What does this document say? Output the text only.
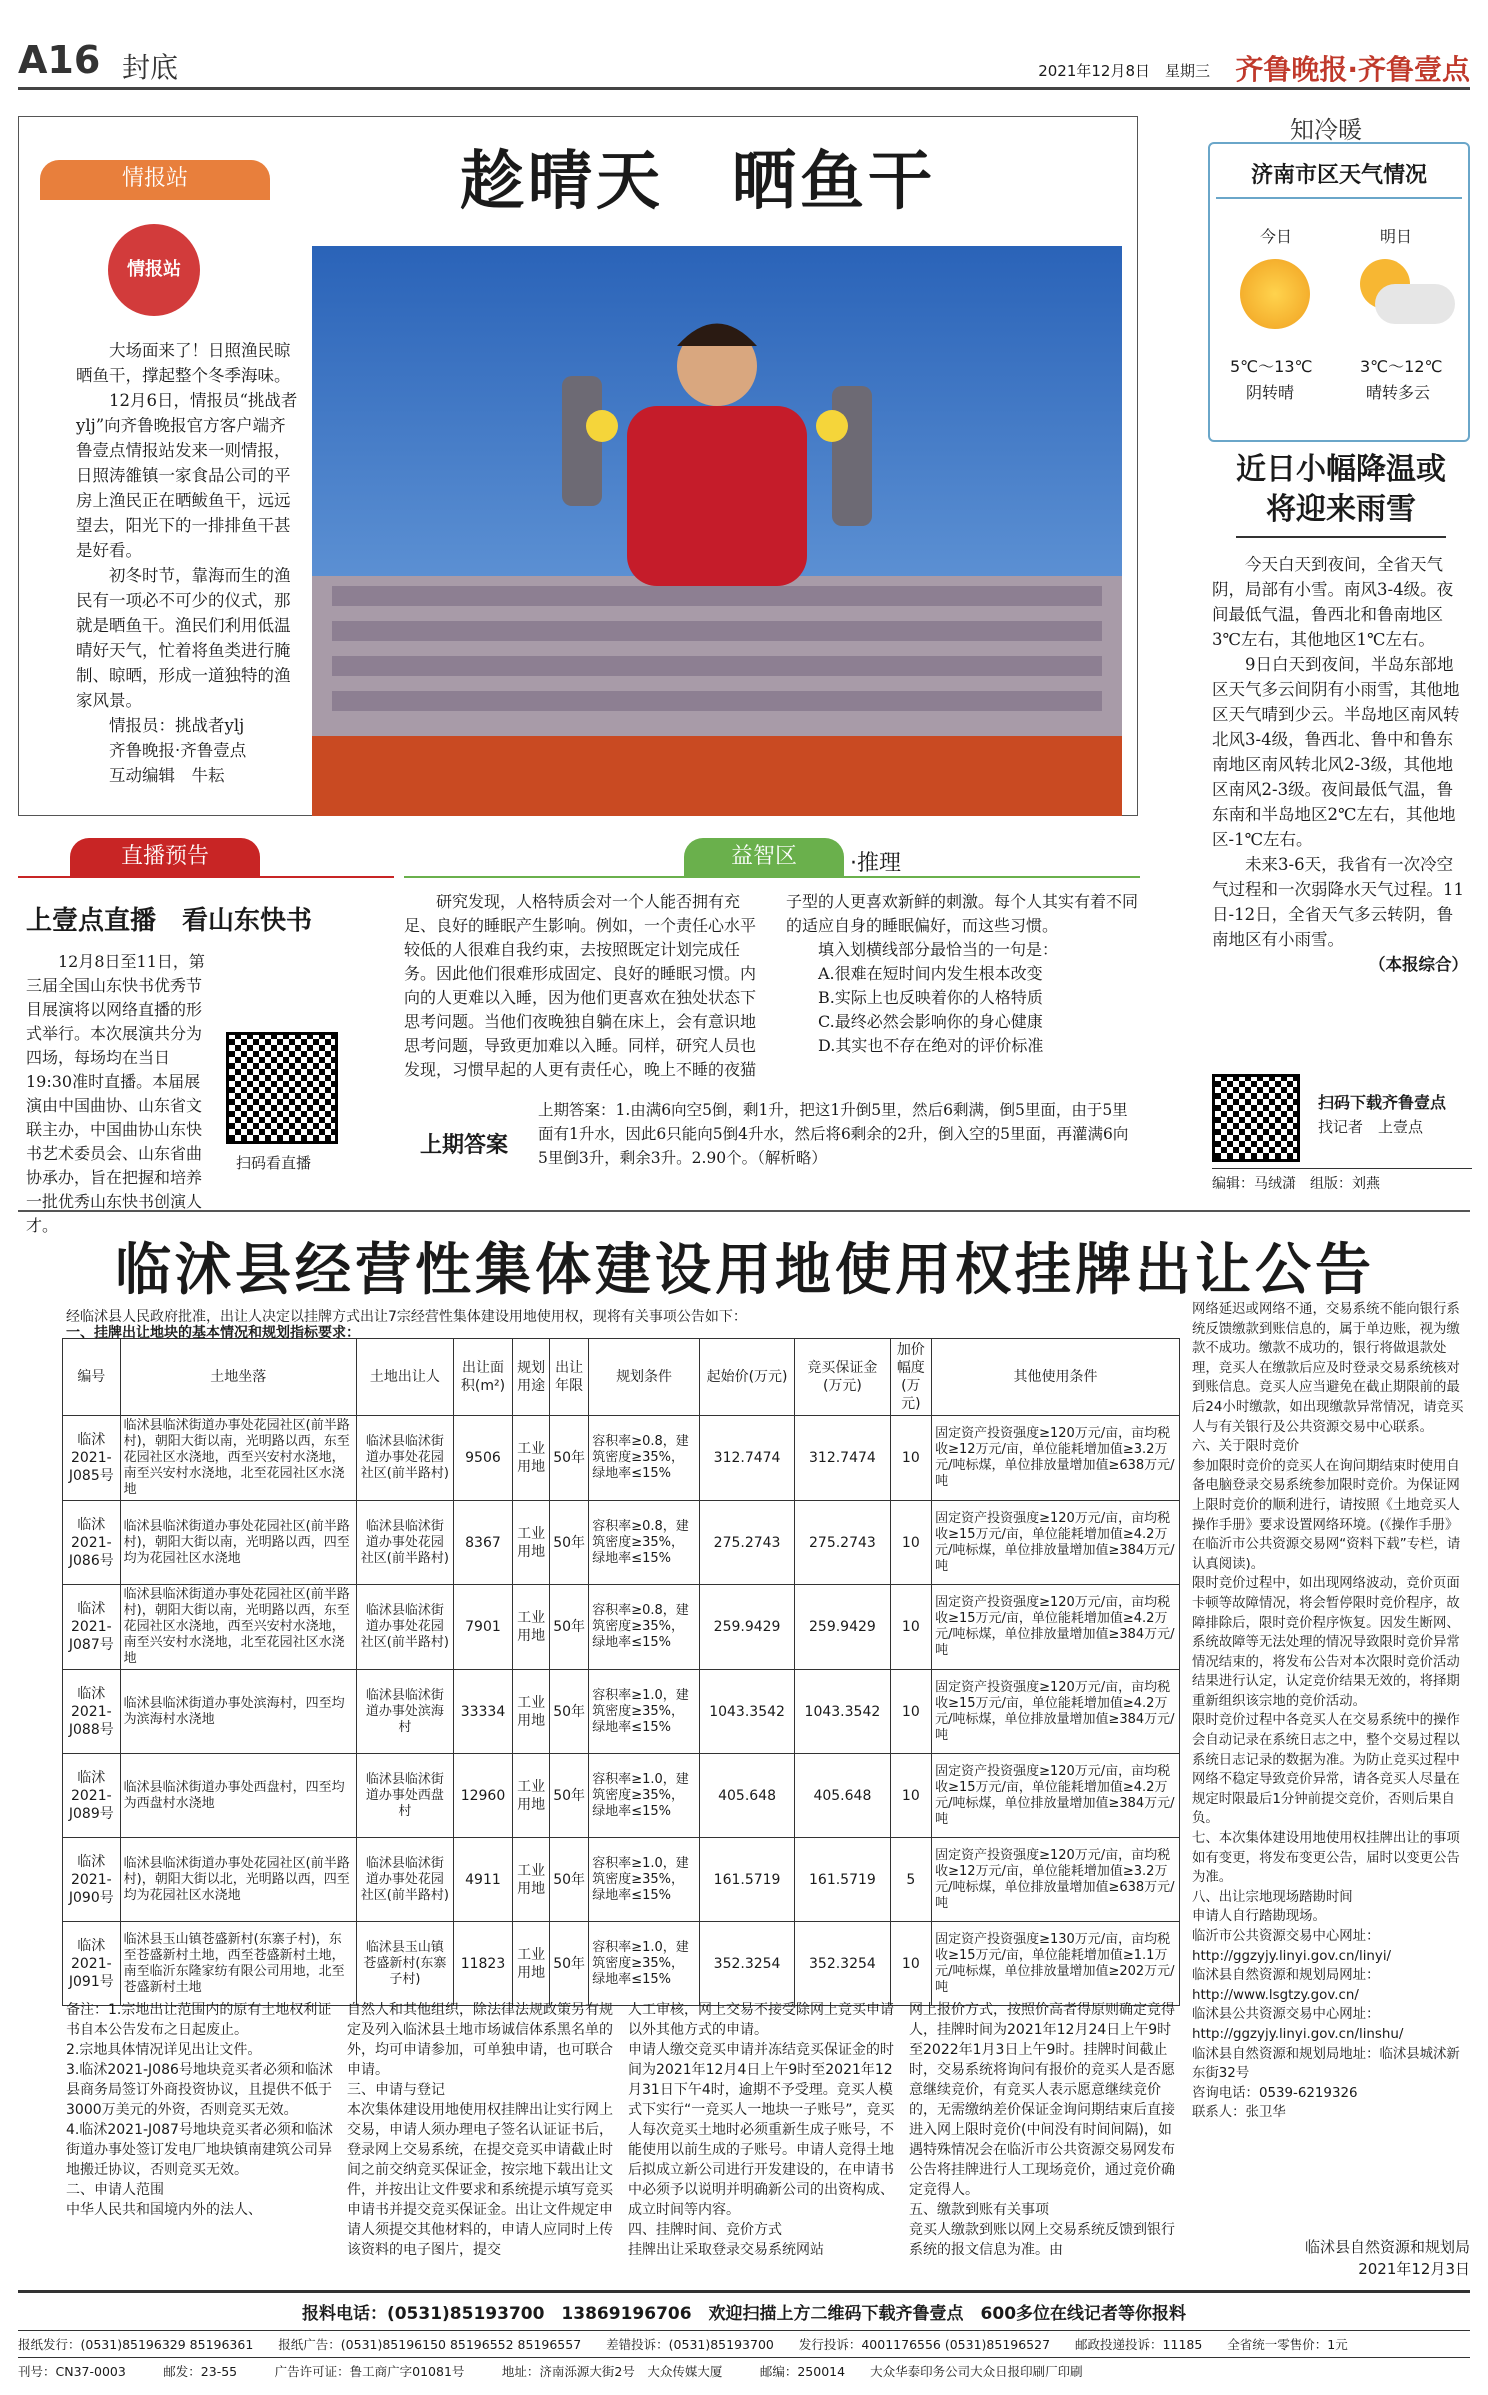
A16 封底	2021年12月8日　星期三 齐鲁晚报·齐鲁壹点
情报站
情报站
趁晴天　晒鱼干

大场面来了！日照渔民晾晒鱼干，撑起整个冬季海味。

12月6日，情报员“挑战者ylj”向齐鲁晚报官方客户端齐鲁壹点情报站发来一则情报，日照涛雒镇一家食品公司的平房上渔民正在晒鲅鱼干，远远望去，阳光下的一排排鱼干甚是好看。

初冬时节，靠海而生的渔民有一项必不可少的仪式，那就是晒鱼干。渔民们利用低温晴好天气，忙着将鱼类进行腌制、晾晒，形成一道独特的渔家风景。

情报员：挑战者ylj

齐鲁晚报·齐鲁壹点

互动编辑　牛耘

直播预告
上壹点直播　看山东快书

12月8日至11日，第三届全国山东快书优秀节目展演将以网络直播的形式举行。本次展演共分为四场，每场均在当日19:30准时直播。本届展演由中国曲协、山东省文联主办，中国曲协山东快书艺术委员会、山东省曲协承办，旨在把握和培养一批优秀山东快书创演人才。

扫码看直播
益智区	·推理

研究发现，人格特质会对一个人能否拥有充足、良好的睡眠产生影响。例如，一个责任心水平较低的人很难自我约束，去按照既定计划完成任务。因此他们很难形成固定、良好的睡眠习惯。内向的人更难以入睡，因为他们更喜欢在独处状态下思考问题。当他们夜晚独自躺在床上，会有意识地思考问题，导致更加难以入睡。同样，研究人员也发现，习惯早起的人更有责任心，晚上不睡的夜猫子型的人更喜欢新鲜的刺激。每个人其实有着不同的适应自身的睡眠偏好，而这些习惯。

填入划横线部分最恰当的一句是：

A.很难在短时间内发生根本改变
B.实际上也反映着你的人格特质
C.最终必然会影响你的身心健康
D.其实也不存在绝对的评价标准
上期答案
上期答案：1.由满6向空5倒，剩1升，把这1升倒5里，然后6剩满，倒5里面，由于5里面有1升水，因此6只能向5倒4升水，然后将6剩余的2升，倒入空的5里面，再灌满6向5里倒3升，剩余3升。2.90个。（解析略）
知冷暖
济南市区天气情况
今日	明日
5℃～13℃
阴转晴
3℃～12℃
晴转多云
近日小幅降温或将迎来雨雪

今天白天到夜间，全省天气阴，局部有小雪。南风3-4级。夜间最低气温，鲁西北和鲁南地区3℃左右，其他地区1℃左右。

9日白天到夜间，半岛东部地区天气多云间阴有小雨雪，其他地区天气晴到少云。半岛地区南风转北风3-4级，鲁西北、鲁中和鲁东南地区南风转北风2-3级，其他地区南风2-3级。夜间最低气温，鲁东南和半岛地区2℃左右，其他地区-1℃左右。

未来3-6天，我省有一次冷空气过程和一次弱降水天气过程。11日-12日，全省天气多云转阴，鲁南地区有小雨雪。

（本报综合）
扫码下载齐鲁壹点
找记者　上壹点
编辑：马绒潇　组版：刘燕
临沭县经营性集体建设用地使用权挂牌出让公告
经临沭县人民政府批准，出让人决定以挂牌方式出让7宗经营性集体建设用地使用权，现将有关事项公告如下：
一、挂牌出让地块的基本情况和规划指标要求：
编号	土地坐落	土地出让人	出让面积(m²)	规划用途	出让年限	规划条件	起始价(万元)	竞买保证金(万元)	加价幅度(万元)	其他使用条件
临沭2021-J085号	临沭县临沭街道办事处花园社区(前半路村)，朝阳大街以南，光明路以西，东至花园社区水浇地，西至兴安村水浇地，南至兴安村水浇地，北至花园社区水浇地	临沭县临沭街道办事处花园社区(前半路村)	9506	工业用地	50年	容积率≥0.8，建筑密度≥35%，绿地率≤15%	312.7474	312.7474	10	固定资产投资强度≥120万元/亩，亩均税收≥12万元/亩，单位能耗增加值≥3.2万元/吨标煤，单位排放量增加值≥638万元/吨
临沭2021-J086号	临沭县临沭街道办事处花园社区(前半路村)，朝阳大街以南，光明路以西，四至均为花园社区水浇地	临沭县临沭街道办事处花园社区(前半路村)	8367	工业用地	50年	容积率≥0.8，建筑密度≥35%，绿地率≤15%	275.2743	275.2743	10	固定资产投资强度≥120万元/亩，亩均税收≥15万元/亩，单位能耗增加值≥4.2万元/吨标煤，单位排放量增加值≥384万元/吨
临沭2021-J087号	临沭县临沭街道办事处花园社区(前半路村)，朝阳大街以南，光明路以西，东至花园社区水浇地，西至兴安村水浇地，南至兴安村水浇地，北至花园社区水浇地	临沭县临沭街道办事处花园社区(前半路村)	7901	工业用地	50年	容积率≥0.8，建筑密度≥35%，绿地率≤15%	259.9429	259.9429	10	固定资产投资强度≥120万元/亩，亩均税收≥15万元/亩，单位能耗增加值≥4.2万元/吨标煤，单位排放量增加值≥384万元/吨
临沭2021-J088号	临沭县临沭街道办事处滨海村，四至均为滨海村水浇地	临沭县临沭街道办事处滨海村	33334	工业用地	50年	容积率≥1.0，建筑密度≥35%，绿地率≤15%	1043.3542	1043.3542	10	固定资产投资强度≥120万元/亩，亩均税收≥15万元/亩，单位能耗增加值≥4.2万元/吨标煤，单位排放量增加值≥384万元/吨
临沭2021-J089号	临沭县临沭街道办事处西盘村，四至均为西盘村水浇地	临沭县临沭街道办事处西盘村	12960	工业用地	50年	容积率≥1.0，建筑密度≥35%，绿地率≤15%	405.648	405.648	10	固定资产投资强度≥120万元/亩，亩均税收≥15万元/亩，单位能耗增加值≥4.2万元/吨标煤，单位排放量增加值≥384万元/吨
临沭2021-J090号	临沭县临沭街道办事处花园社区(前半路村)，朝阳大街以北，光明路以西，四至均为花园社区水浇地	临沭县临沭街道办事处花园社区(前半路村)	4911	工业用地	50年	容积率≥1.0，建筑密度≥35%，绿地率≤15%	161.5719	161.5719	5	固定资产投资强度≥120万元/亩，亩均税收≥12万元/亩，单位能耗增加值≥3.2万元/吨标煤，单位排放量增加值≥638万元/吨
临沭2021-J091号	临沭县玉山镇苍盛新村(东寨子村)，东至苍盛新村土地，西至苍盛新村土地，南至临沂东隆家纺有限公司用地，北至苍盛新村土地	临沭县玉山镇苍盛新村(东寨子村)	11823	工业用地	50年	容积率≥1.0，建筑密度≥35%，绿地率≤15%	352.3254	352.3254	10	固定资产投资强度≥130万元/亩，亩均税收≥15万元/亩，单位能耗增加值≥1.1万元/吨标煤，单位排放量增加值≥202万元/吨
备注：1.宗地出让范围内的原有土地权利证书自本公告发布之日起废止。
2.宗地具体情况详见出让文件。
3.临沭2021-J086号地块竞买者必须和临沭县商务局签订外商投资协议，且提供不低于3000万美元的外资，否则竞买无效。
4.临沭2021-J087号地块竞买者必须和临沭街道办事处签订发电厂地块镇南建筑公司异地搬迁协议，否则竞买无效。
二、申请人范围
中华人民共和国境内外的法人、
自然人和其他组织，除法律法规政策另有规定及列入临沭县土地市场诚信体系黑名单的外，均可申请参加，可单独申请，也可联合申请。
三、申请与登记
本次集体建设用地使用权挂牌出让实行网上交易，申请人须办理电子签名认证证书后，登录网上交易系统，在提交竞买申请截止时间之前交纳竞买保证金，按宗地下载出让文件，并按出让文件要求和系统提示填写竞买申请书并提交竞买保证金。出让文件规定申请人须提交其他材料的，申请人应同时上传该资料的电子图片，提交
人工审核，网上交易不接受除网上竞买申请以外其他方式的申请。
申请人缴交竞买申请并冻结竞买保证金的时间为2021年12月4日上午9时至2021年12月31日下午4时，逾期不予受理。竞买人模式下实行“一竞买人一地块一子账号”，竞买人每次竞买土地时必须重新生成子账号，不能使用以前生成的子账号。申请人竞得土地后拟成立新公司进行开发建设的，在申请书中必须予以说明并明确新公司的出资构成、成立时间等内容。
四、挂牌时间、竞价方式
挂牌出让采取登录交易系统网站
网上报价方式，按照价高者得原则确定竞得人，挂牌时间为2021年12月24日上午9时至2022年1月3日上午9时。挂牌时间截止时，交易系统将询问有报价的竞买人是否愿意继续竞价，有竞买人表示愿意继续竞价的，无需缴纳差价保证金询问期结束后直接进入网上限时竞价(中间没有时间间隔)，如遇特殊情况会在临沂市公共资源交易网发布公告将挂牌进行人工现场竞价，通过竞价确定竞得人。
五、缴款到账有关事项
竞买人缴款到账以网上交易系统反馈到银行系统的报文信息为准。由
网络延迟或网络不通，交易系统不能向银行系统反馈缴款到账信息的，属于单边账，视为缴款不成功。缴款不成功的，银行将做退款处理，竞买人在缴款后应及时登录交易系统核对到账信息。竞买人应当避免在截止期限前的最后24小时缴款，如出现缴款异常情况，请竞买人与有关银行及公共资源交易中心联系。
六、关于限时竞价
参加限时竞价的竞买人在询问期结束时使用自备电脑登录交易系统参加限时竞价。为保证网上限时竞价的顺利进行，请按照《土地竞买人操作手册》要求设置网络环境。(《操作手册》在临沂市公共资源交易网“资料下载”专栏，请认真阅读)。
限时竞价过程中，如出现网络波动，竞价页面卡顿等故障情况，将会暂停限时竞价程序，故障排除后，限时竞价程序恢复。因发生断网、系统故障等无法处理的情况导致限时竞价异常情况结束的，将发布公告对本次限时竞价活动结果进行认定，认定竞价结果无效的，将择期重新组织该宗地的竞价活动。
限时竞价过程中各竞买人在交易系统中的操作会自动记录在系统日志之中，整个交易过程以系统日志记录的数据为准。为防止竞买过程中网络不稳定导致竞价异常，请各竞买人尽量在规定时限最后1分钟前提交竞价，否则后果自负。
七、本次集体建设用地使用权挂牌出让的事项如有变更，将发布变更公告，届时以变更公告为准。
八、出让宗地现场踏勘时间
申请人自行踏勘现场。
临沂市公共资源交易中心网址：http://ggzyjy.linyi.gov.cn/linyi/
临沭县自然资源和规划局网址：http://www.lsgtzy.gov.cn/
临沭县公共资源交易中心网址：http://ggzyjy.linyi.gov.cn/linshu/
临沭县自然资源和规划局地址：临沭县城沭新东街32号
咨询电话：0539-6219326
联系人：张卫华
临沭县自然资源和规划局
2021年12月3日
报料电话：(0531)85193700　13869196706　欢迎扫描上方二维码下载齐鲁壹点　600多位在线记者等你报料
报纸发行：(0531)85196329 85196361　　报纸广告：(0531)85196150 85196552 85196557　　差错投诉：(0531)85193700　　发行投诉：4001176556 (0531)85196527　　邮政投递投诉：11185　　全省统一零售价：1元
刊号：CN37-0003　　　邮发：23-55　　　广告许可证：鲁工商广字01081号　　　地址：济南泺源大街2号　大众传媒大厦　　　邮编：250014　　大众华泰印务公司大众日报印刷厂印刷
